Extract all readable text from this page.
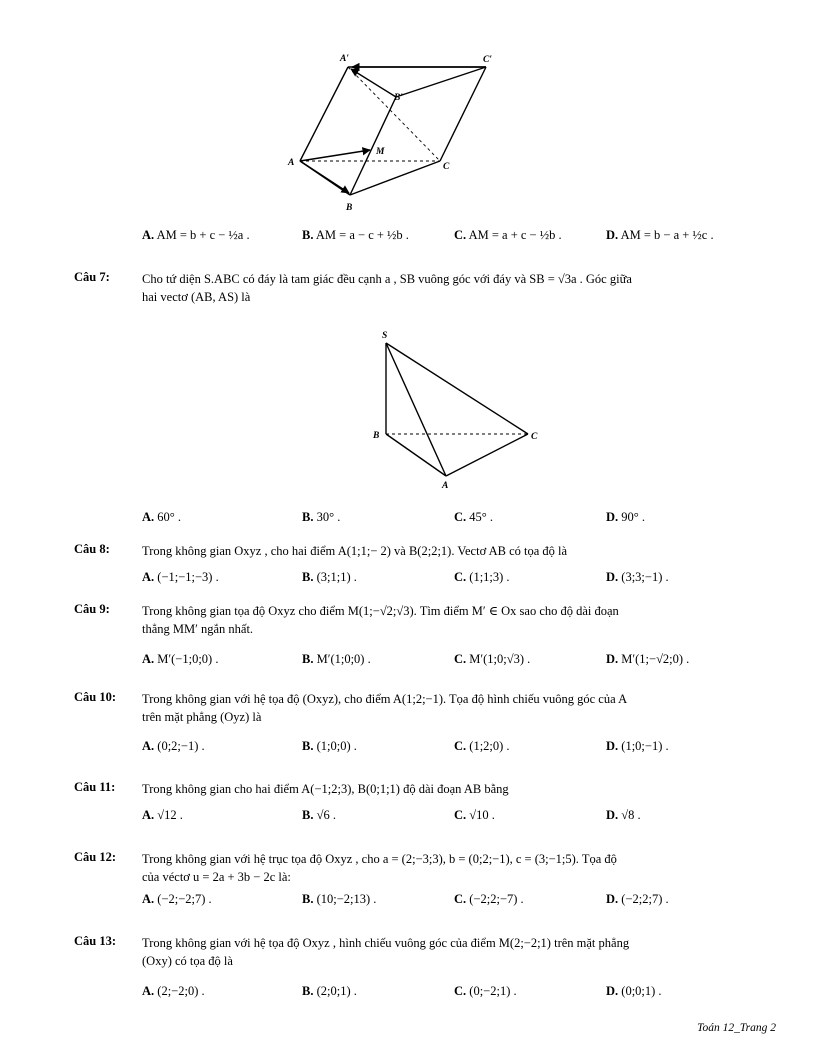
A′	C′
B′
M
A	C
B
A. AM = b + c − ½a .	B. AM = a − c + ½b .	C. AM = a + c − ½b .	D. AM = b − a + ½c .
Câu 7:	Cho tứ diện S.ABC có đáy là tam giác đều cạnh a , SB vuông góc với đáy và SB = √3a . Góc giữa
hai vectơ (AB, AS) là
S
B	C
A
A. 60° .	B. 30° .	C. 45° .	D. 90° .
Câu 8:	Trong không gian Oxyz , cho hai điểm A(1;1;− 2) và B(2;2;1). Vectơ AB có tọa độ là
A. (−1;−1;−3) .	B. (3;1;1) .	C. (1;1;3) .	D. (3;3;−1) .
Câu 9:	Trong không gian tọa độ Oxyz cho điểm M(1;−√2;√3). Tìm điểm M′ ∈ Ox sao cho độ dài đoạn
thẳng MM′ ngắn nhất.
A. M′(−1;0;0) .	B. M′(1;0;0) .	C. M′(1;0;√3) .	D. M′(1;−√2;0) .
Câu 10: Trong không gian với hệ tọa độ (Oxyz), cho điểm A(1;2;−1). Tọa độ hình chiếu vuông góc của A
trên mặt phẳng (Oyz) là
A. (0;2;−1) .	B. (1;0;0) .	C. (1;2;0) .	D. (1;0;−1) .
Câu 11: Trong không gian cho hai điểm A(−1;2;3), B(0;1;1) độ dài đoạn AB bằng
A. √12 .	B. √6 .	C. √10 .	D. √8 .
Câu 12: Trong không gian với hệ trục tọa độ Oxyz , cho a = (2;−3;3), b = (0;2;−1), c = (3;−1;5). Tọa độ
của véctơ u = 2a + 3b − 2c là:
A. (−2;−2;7) .	B. (10;−2;13) .	C. (−2;2;−7) .	D. (−2;2;7) .
Câu 13: Trong không gian với hệ tọa độ Oxyz , hình chiếu vuông góc của điểm M(2;−2;1) trên mặt phẳng
(Oxy) có tọa độ là
A. (2;−2;0) .	B. (2;0;1) .	C. (0;−2;1) .	D. (0;0;1) .
Toán 12_Trang 2
